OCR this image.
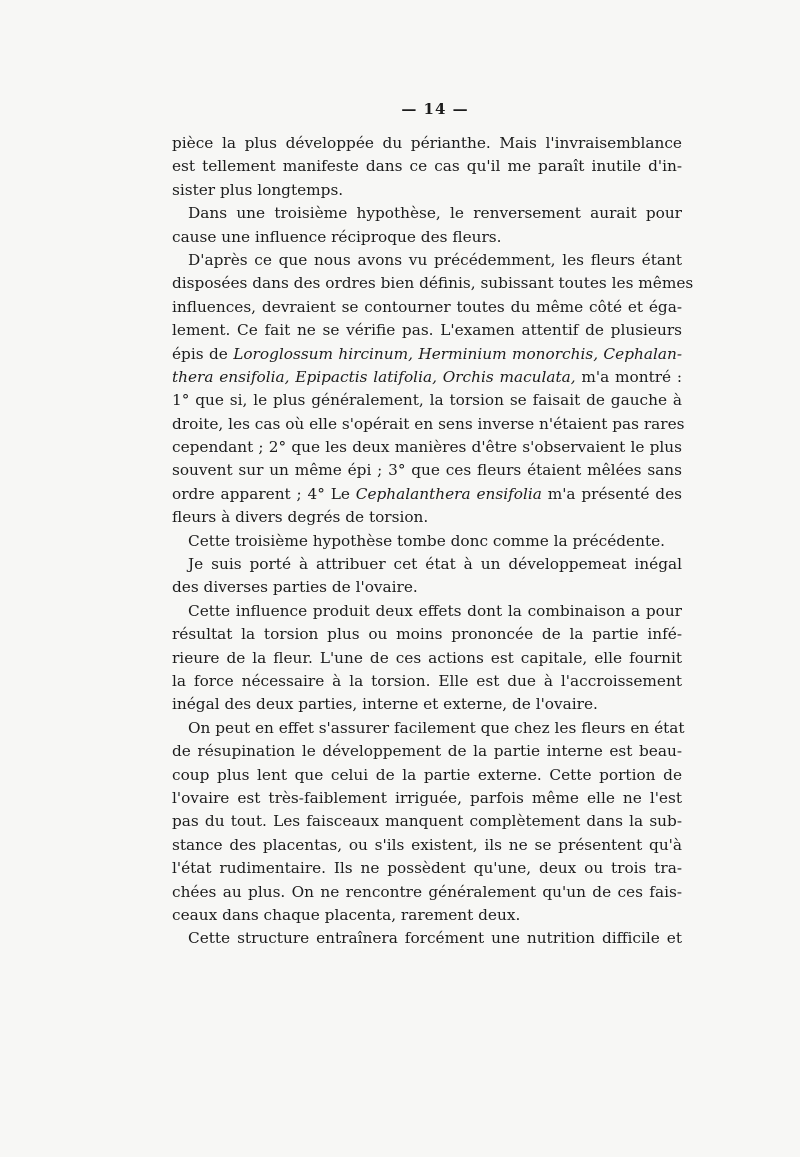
— 14 —
pièce la plus développée du périanthe. Mais l'invraisemblance
est tellement manifeste dans ce cas qu'il me paraît inutile d'in-
sister plus longtemps.
Dans une troisième hypothèse, le renversement aurait pour
cause une influence réciproque des fleurs.
D'après ce que nous avons vu précédemment, les fleurs étant
disposées dans des ordres bien définis, subissant toutes les mêmes
influences, devraient se contourner toutes du même côté et éga-
lement. Ce fait ne se vérifie pas. L'examen attentif de plusieurs
épis de Loroglossum hircinum, Herminium monorchis, Cephalan-
thera ensifolia, Epipactis latifolia, Orchis maculata, m'a montré :
1° que si, le plus généralement, la torsion se faisait de gauche à
droite, les cas où elle s'opérait en sens inverse n'étaient pas rares
cependant ; 2° que les deux manières d'être s'observaient le plus
souvent sur un même épi ; 3° que ces fleurs étaient mêlées sans
ordre apparent ; 4° Le Cephalanthera ensifolia m'a présenté des
fleurs à divers degrés de torsion.
Cette troisième hypothèse tombe donc comme la précédente.
Je suis porté à attribuer cet état à un développemeat inégal
des diverses parties de l'ovaire.
Cette influence produit deux effets dont la combinaison a pour
résultat la torsion plus ou moins prononcée de la partie infé-
rieure de la fleur. L'une de ces actions est capitale, elle fournit
la force nécessaire à la torsion. Elle est due à l'accroissement
inégal des deux parties, interne et externe, de l'ovaire.
On peut en effet s'assurer facilement que chez les fleurs en état
de résupination le développement de la partie interne est beau-
coup plus lent que celui de la partie externe. Cette portion de
l'ovaire est très-faiblement irriguée, parfois même elle ne l'est
pas du tout. Les faisceaux manquent complètement dans la sub-
stance des placentas, ou s'ils existent, ils ne se présentent qu'à
l'état rudimentaire. Ils ne possèdent qu'une, deux ou trois tra-
chées au plus. On ne rencontre généralement qu'un de ces fais-
ceaux dans chaque placenta, rarement deux.
Cette structure entraînera forcément une nutrition difficile et
